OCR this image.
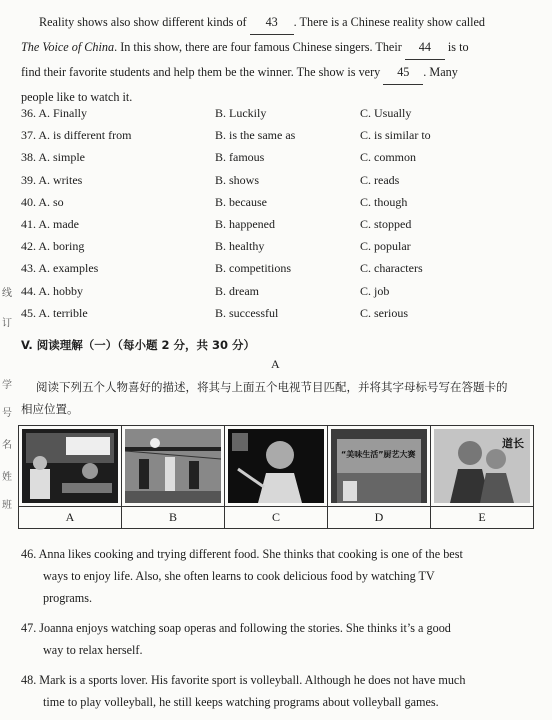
线
订
学
号
名
姓
班
Reality shows also show different kinds of 43 . There is a Chinese reality show called
The Voice of China. In this show, there are four famous Chinese singers. Their 44 is to
find their favorite students and help them be the winner. The show is very 45 . Many
people like to watch it.
36. A. Finally	B. Luckily	C. Usually
37. A. is different from	B. is the same as	C. is similar to
38. A. simple	B. famous	C. common
39. A. writes	B. shows	C. reads
40. A. so	B. because	C. though
41. A. made	B. happened	C. stopped
42. A. boring	B. healthy	C. popular
43. A. examples	B. competitions	C. characters
44. A. hobby	B. dream	C. job
45. A. terrible	B. successful	C. serious
V. 阅读理解（一）（每小题 2 分，共 30 分）
A
阅读下列五个人物喜好的描述，将其与上面五个电视节目匹配，并将其字母标号写在答题卡的
相应位置。

“美味生活”厨艺大赛	道长

A	B	C	D	E
46. Anna likes cooking and trying different food. She thinks that cooking is one of the best
ways to enjoy life. Also, she often learns to cook delicious food by watching TV
programs.
47. Joanna enjoys watching soap operas and following the stories. She thinks it’s a good
way to relax herself.
48. Mark is a sports lover. His favorite sport is volleyball. Although he does not have much
time to play volleyball, he still keeps watching programs about volleyball games.
